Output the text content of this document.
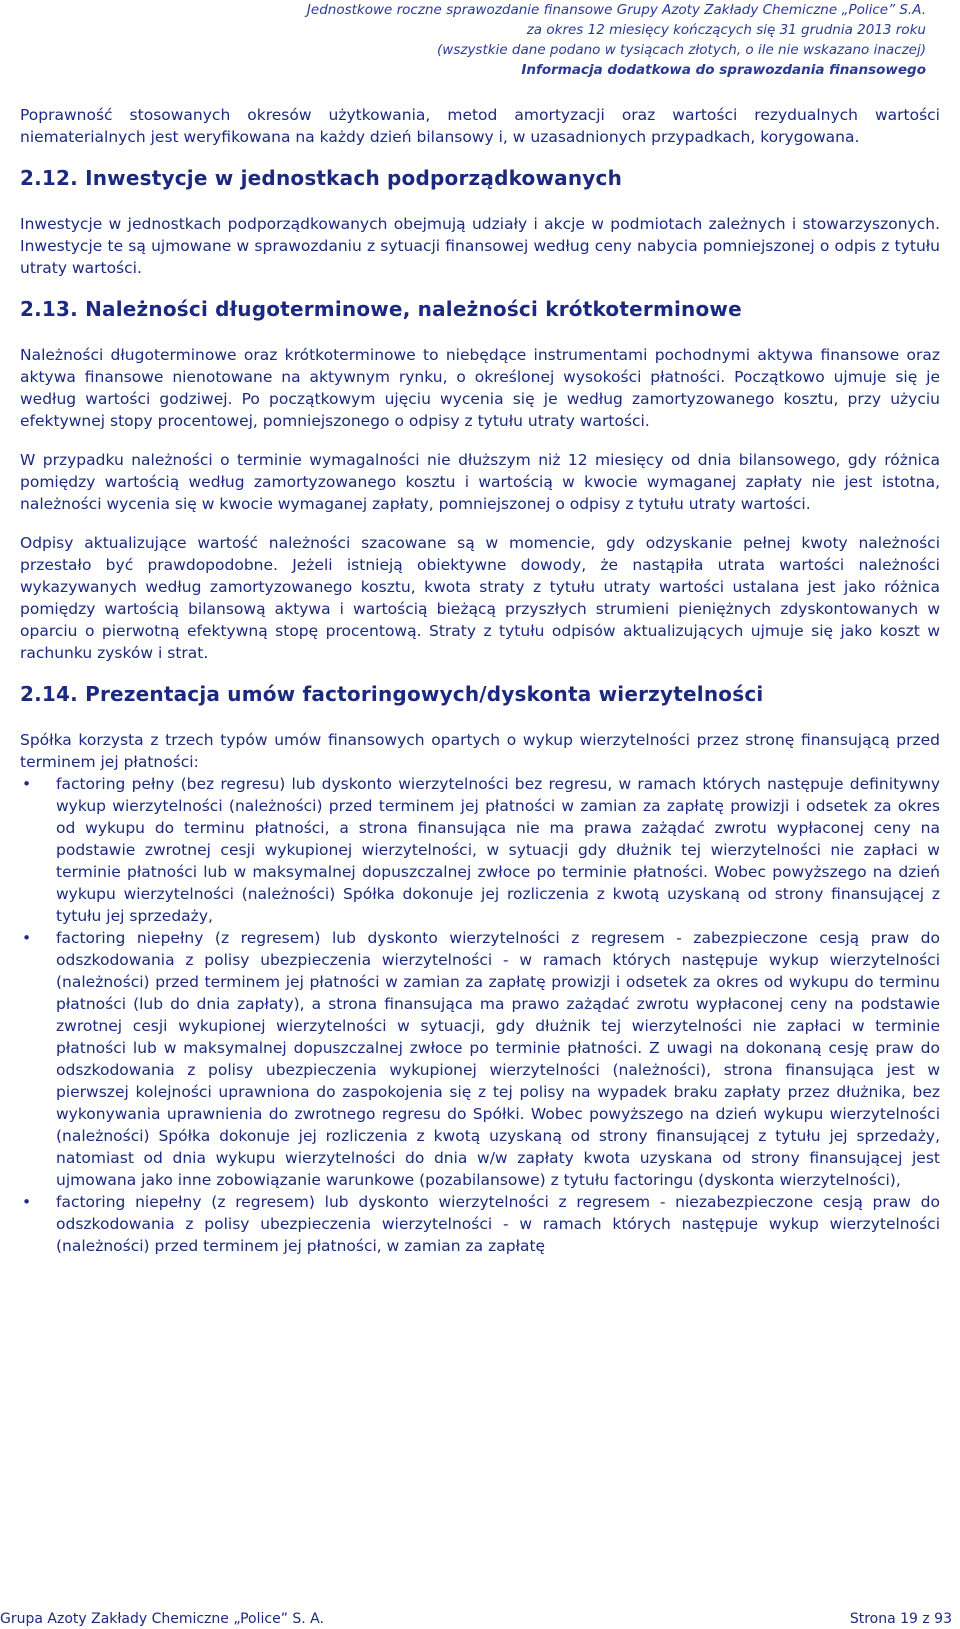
Jednostkowe roczne sprawozdanie finansowe Grupy Azoty Zakłady Chemiczne „Police” S.A.
za okres 12 miesięcy kończących się 31 grudnia 2013 roku
(wszystkie dane podano w tysiącach złotych, o ile nie wskazano inaczej)
Informacja dodatkowa do sprawozdania finansowego

Poprawność stosowanych okresów użytkowania, metod amortyzacji oraz wartości rezydualnych wartości niematerialnych jest weryfikowana na każdy dzień bilansowy i, w uzasadnionych przypadkach, korygowana.

2.12. Inwestycje w jednostkach podporządkowanych

Inwestycje w jednostkach podporządkowanych obejmują udziały i akcje w podmiotach zależnych i stowarzyszonych. Inwestycje te są ujmowane w sprawozdaniu z sytuacji finansowej według ceny nabycia pomniejszonej o odpis z tytułu utraty wartości.

2.13. Należności długoterminowe, należności krótkoterminowe

Należności długoterminowe oraz krótkoterminowe to niebędące instrumentami pochodnymi aktywa finansowe oraz aktywa finansowe nienotowane na aktywnym rynku, o określonej wysokości płatności. Początkowo ujmuje się je według wartości godziwej. Po początkowym ujęciu wycenia się je według zamortyzowanego kosztu, przy użyciu efektywnej stopy procentowej, pomniejszonego o odpisy z tytułu utraty wartości.

W przypadku należności o terminie wymagalności nie dłuższym niż 12 miesięcy od dnia bilansowego, gdy różnica pomiędzy wartością według zamortyzowanego kosztu i wartością w kwocie wymaganej zapłaty nie jest istotna, należności wycenia się w kwocie wymaganej zapłaty, pomniejszonej o odpisy z tytułu utraty wartości.

Odpisy aktualizujące wartość należności szacowane są w momencie, gdy odzyskanie pełnej kwoty należności przestało być prawdopodobne. Jeżeli istnieją obiektywne dowody, że nastąpiła utrata wartości należności wykazywanych według zamortyzowanego kosztu, kwota straty z tytułu utraty wartości ustalana jest jako różnica pomiędzy wartością bilansową aktywa i wartością bieżącą przyszłych strumieni pieniężnych zdyskontowanych w oparciu o pierwotną efektywną stopę procentową. Straty z tytułu odpisów aktualizujących ujmuje się jako koszt w rachunku zysków i strat.

2.14. Prezentacja umów factoringowych/dyskonta wierzytelności

Spółka korzysta z trzech typów umów finansowych opartych o wykup wierzytelności przez stronę finansującą przed terminem jej płatności:

• factoring pełny (bez regresu) lub dyskonto wierzytelności bez regresu, w ramach których następuje definitywny wykup wierzytelności (należności) przed terminem jej płatności w zamian za zapłatę prowizji i odsetek za okres od wykupu do terminu płatności, a strona finansująca nie ma prawa zażądać zwrotu wypłaconej ceny na podstawie zwrotnej cesji wykupionej wierzytelności, w sytuacji gdy dłużnik tej wierzytelności nie zapłaci w terminie płatności lub w maksymalnej dopuszczalnej zwłoce po terminie płatności. Wobec powyższego na dzień wykupu wierzytelności (należności) Spółka dokonuje jej rozliczenia z kwotą uzyskaną od strony finansującej z tytułu jej sprzedaży,
• factoring niepełny (z regresem) lub dyskonto wierzytelności z regresem - zabezpieczone cesją praw do odszkodowania z polisy ubezpieczenia wierzytelności - w ramach których następuje wykup wierzytelności (należności) przed terminem jej płatności w zamian za zapłatę prowizji i odsetek za okres od wykupu do terminu płatności (lub do dnia zapłaty), a strona finansująca ma prawo zażądać zwrotu wypłaconej ceny na podstawie zwrotnej cesji wykupionej wierzytelności w sytuacji, gdy dłużnik tej wierzytelności nie zapłaci w terminie płatności lub w maksymalnej dopuszczalnej zwłoce po terminie płatności. Z uwagi na dokonaną cesję praw do odszkodowania z polisy ubezpieczenia wykupionej wierzytelności (należności), strona finansująca jest w pierwszej kolejności uprawniona do zaspokojenia się z tej polisy na wypadek braku zapłaty przez dłużnika, bez wykonywania uprawnienia do zwrotnego regresu do Spółki. Wobec powyższego na dzień wykupu wierzytelności (należności) Spółka dokonuje jej rozliczenia z kwotą uzyskaną od strony finansującej z tytułu jej sprzedaży, natomiast od dnia wykupu wierzytelności do dnia w/w zapłaty kwota uzyskana od strony finansującej jest ujmowana jako inne zobowiązanie warunkowe (pozabilansowe) z tytułu factoringu (dyskonta wierzytelności),
• factoring niepełny (z regresem) lub dyskonto wierzytelności z regresem - niezabezpieczone cesją praw do odszkodowania z polisy ubezpieczenia wierzytelności - w ramach których następuje wykup wierzytelności (należności) przed terminem jej płatności, w zamian za zapłatę
Grupa Azoty Zakłady Chemiczne „Police” S. A.	Strona 19 z 93
